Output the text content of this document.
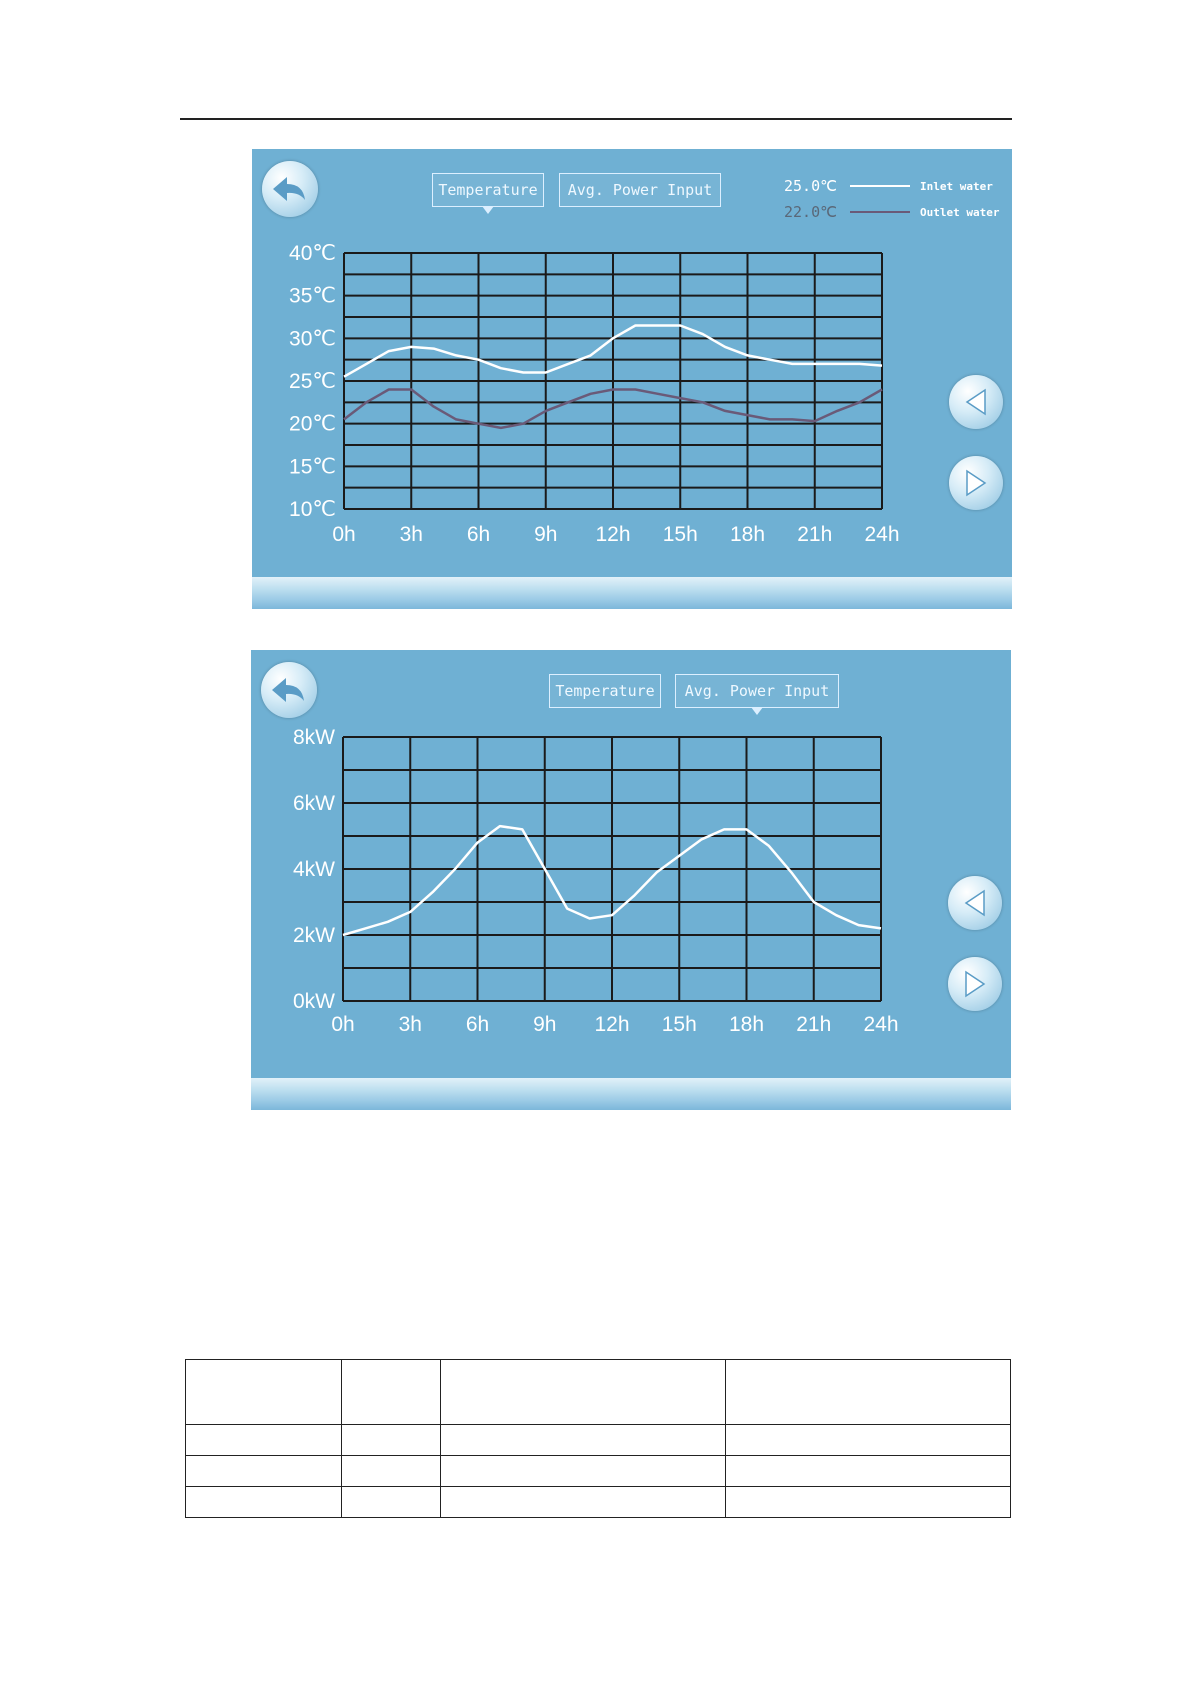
Temperature	Avg. Power Input	25.0℃	Inlet water
22.0℃	Outlet water
0h 3h 6h 9h 12h 15h 18h 21h 24h
10℃
15℃
20℃
25℃
30℃
35℃
40℃
Temperature	Avg. Power Input
0h 3h 6h 9h 12h 15h 18h 21h 24h
0kW
2kW
4kW
6kW
8kW
